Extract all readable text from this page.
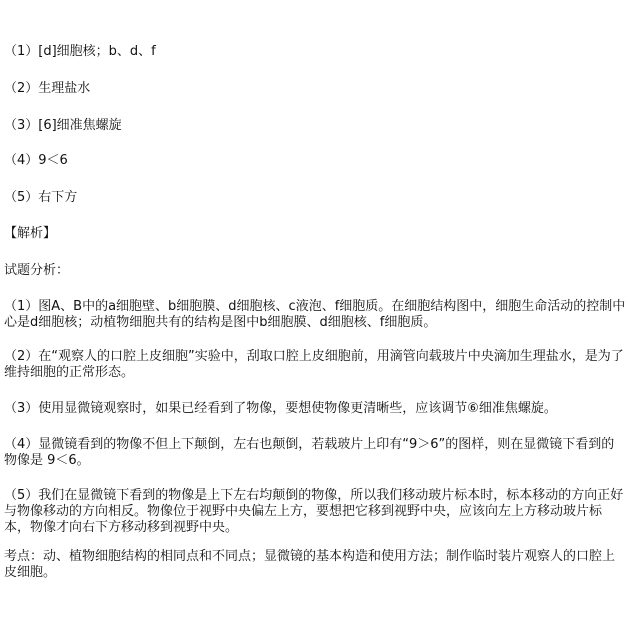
（1）[d]细胞核；b、d、f
（2）生理盐水
（3）[6]细准焦螺旋
（4）9＜6
（5）右下方
【解析】
试题分析：
（1）图A、B中的a细胞壁、b细胞膜、d细胞核、c液泡、f细胞质。在细胞结构图中，细胞生命活动的控制中心是d细胞核；动植物细胞共有的结构是图中b细胞膜、d细胞核、f细胞质。
（2）在“观察人的口腔上皮细胞”实验中，刮取口腔上皮细胞前，用滴管向载玻片中央滴加生理盐水，是为了维持细胞的正常形态。
（3）使用显微镜观察时，如果已经看到了物像，要想使物像更清晰些，应该调节⑥细准焦螺旋。
（4）显微镜看到的物像不但上下颠倒，左右也颠倒，若载玻片上印有“9＞6”的图样，则在显微镜下看到的物像是 9＜6。
（5）我们在显微镜下看到的物像是上下左右均颠倒的物像，所以我们移动玻片标本时，标本移动的方向正好与物像移动的方向相反。物像位于视野中央偏左上方，要想把它移到视野中央，应该向左上方移动玻片标本，物像才向右下方移动移到视野中央。
考点：动、植物细胞结构的相同点和不同点；显微镜的基本构造和使用方法；制作临时装片观察人的口腔上皮细胞。
